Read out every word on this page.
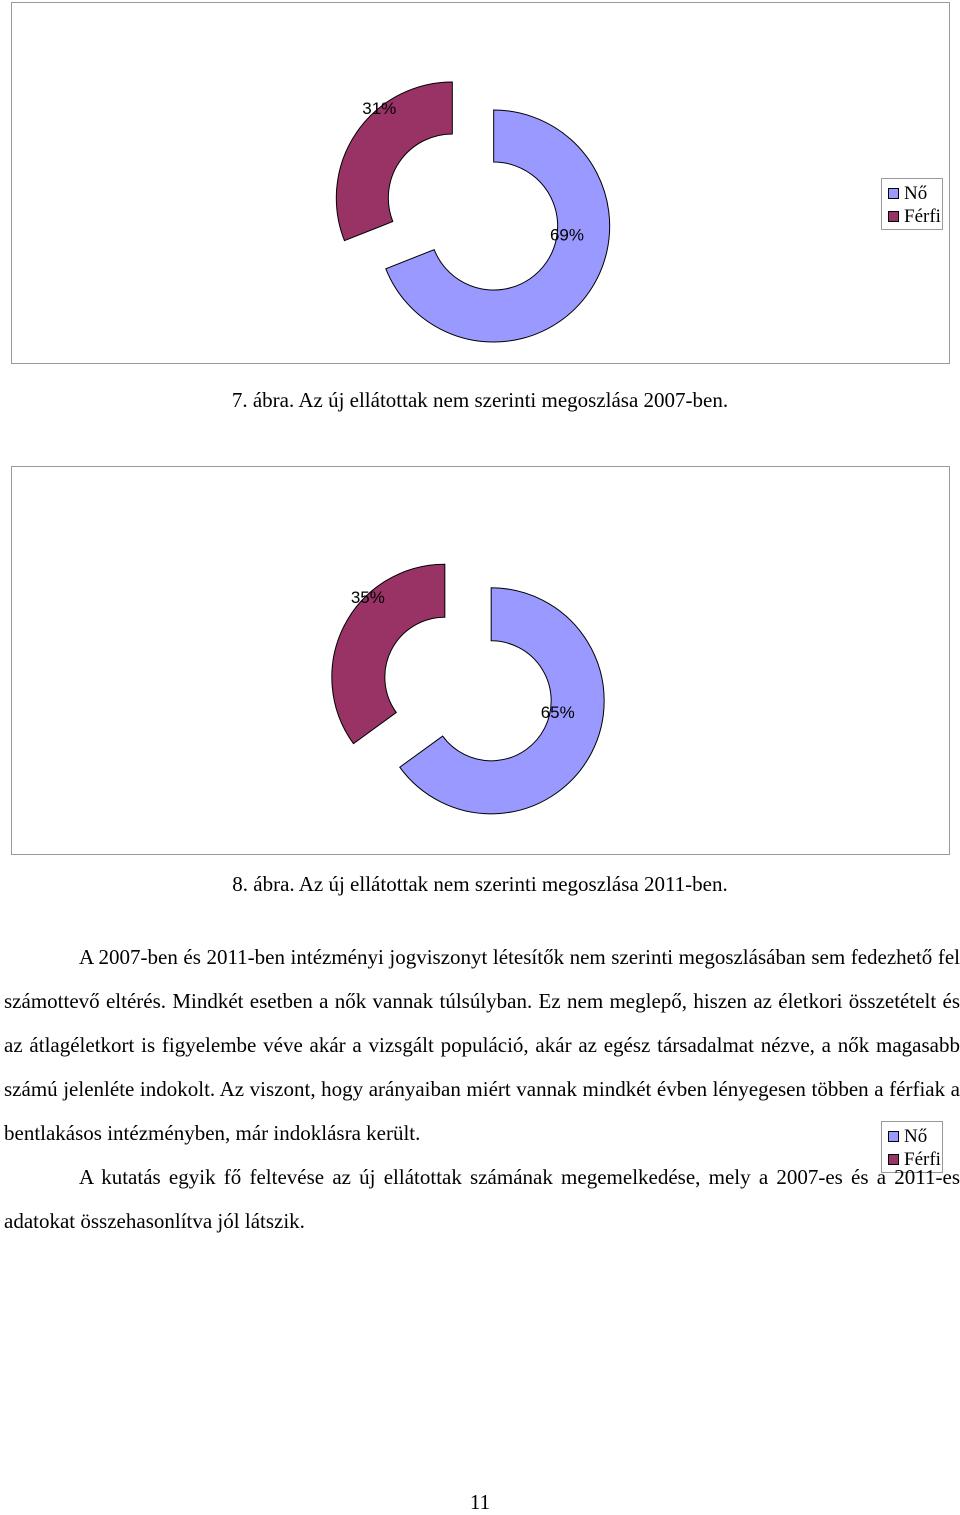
69%
31%
Nő
Férfi
7. ábra. Az új ellátottak nem szerinti megoszlása 2007-ben.
65%
35%
Nő
Férfi
8. ábra. Az új ellátottak nem szerinti megoszlása 2011-ben.

A 2007-ben és 2011-ben intézményi jogviszonyt létesítők nem szerinti megoszlásában sem fedezhető fel számottevő eltérés. Mindkét esetben a nők vannak túlsúlyban. Ez nem meglepő, hiszen az életkori összetételt és az átlagéletkort is figyelembe véve akár a vizsgált populáció, akár az egész társadalmat nézve, a nők magasabb számú jelenléte indokolt. Az viszont, hogy arányaiban miért vannak mindkét évben lényegesen többen a férfiak a bentlakásos intézményben, már indoklásra került.

A kutatás egyik fő feltevése az új ellátottak számának megemelkedése, mely a 2007-es és a 2011-es adatokat összehasonlítva jól látszik.

11
